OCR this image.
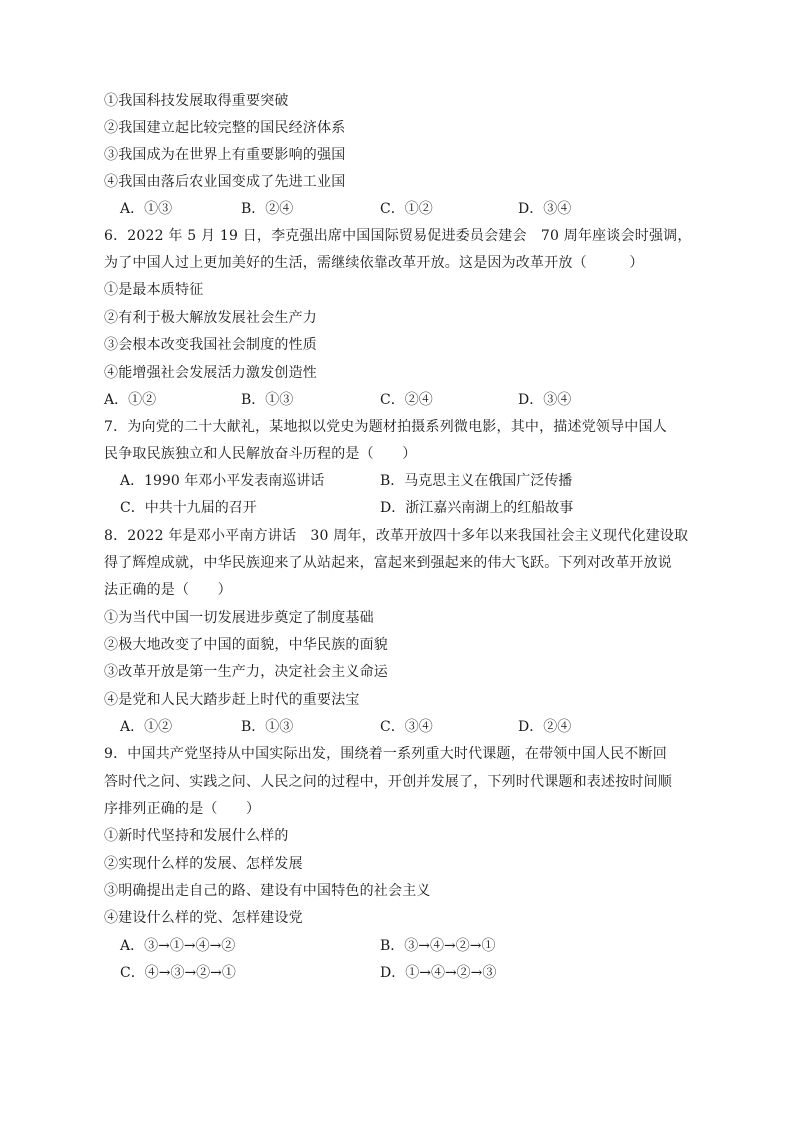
①我国科技发展取得重要突破
②我国建立起比较完整的国民经济体系
③我国成为在世界上有重要影响的强国
④我国由落后农业国变成了先进工业国
A．①③	B．②④	C．①②	D．③④
6．2022 年 5 月 19 日，李克强出席中国国际贸易促进委员会建会　70 周年座谈会时强调，
为了中国人过上更加美好的生活，需继续依靠改革开放。这是因为改革开放（　　　）
①是最本质特征
②有利于极大解放发展社会生产力
③会根本改变我国社会制度的性质
④能增强社会发展活力激发创造性
A．①②	B．①③	C．②④	D．③④
7．为向党的二十大献礼，某地拟以党史为题材拍摄系列微电影，其中，描述党领导中国人
民争取民族独立和人民解放奋斗历程的是（　　）
A．1990 年邓小平发表南巡讲话	B．马克思主义在俄国广泛传播
C．中共十九届的召开	D．浙江嘉兴南湖上的红船故事
8．2022 年是邓小平南方讲话　30 周年，改革开放四十多年以来我国社会主义现代化建设取
得了辉煌成就，中华民族迎来了从站起来，富起来到强起来的伟大飞跃。下列对改革开放说
法正确的是（　　）
①为当代中国一切发展进步奠定了制度基础
②极大地改变了中国的面貌，中华民族的面貌
③改革开放是第一生产力，决定社会主义命运
④是党和人民大踏步赶上时代的重要法宝
A．①②	B．①③	C．③④	D．②④
9．中国共产党坚持从中国实际出发，围绕着一系列重大时代课题，在带领中国人民不断回
答时代之问、实践之问、人民之问的过程中，开创并发展了，下列时代课题和表述按时间顺
序排列正确的是（　　）
①新时代坚持和发展什么样的
②实现什么样的发展、怎样发展
③明确提出走自己的路、建设有中国特色的社会主义
④建设什么样的党、怎样建设党
A．③→①→④→②	B．③→④→②→①
C．④→③→②→①	D．①→④→②→③
